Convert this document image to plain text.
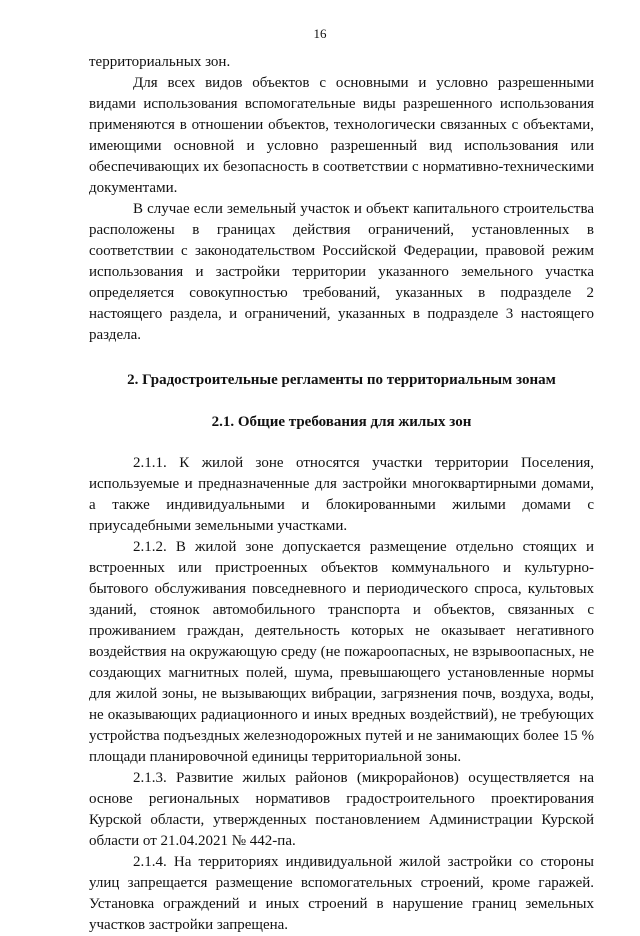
16

территориальных зон.

Для всех видов объектов с основными и условно разрешенными видами использования вспомогательные виды разрешенного использования применяются в отношении объектов, технологически связанных с объектами, имеющими основной и условно разрешенный вид использования или обеспечивающих их безопасность в соответствии с нормативно-техническими документами.

В случае если земельный участок и объект капитального строительства расположены в границах действия ограничений, установленных в соответствии с законодательством Российской Федерации, правовой режим использования и застройки территории указанного земельного участка определяется совокупностью требований, указанных в подразделе 2 настоящего раздела, и ограничений, указанных в подразделе 3 настоящего раздела.

2. Градостроительные регламенты по территориальным зонам
2.1. Общие требования для жилых зон

2.1.1. К жилой зоне относятся участки территории Поселения, используемые и предназначенные для застройки многоквартирными домами, а также индивидуальными и блокированными жилыми домами с приусадебными земельными участками.

2.1.2. В жилой зоне допускается размещение отдельно стоящих и встроенных или пристроенных объектов коммунального и культурно-бытового обслуживания повседневного и периодического спроса, культовых зданий, стоянок автомобильного транспорта и объектов, связанных с проживанием граждан, деятельность которых не оказывает негативного воздействия на окружающую среду (не пожароопасных, не взрывоопасных, не создающих магнитных полей, шума, превышающего установленные нормы для жилой зоны, не вызывающих вибрации, загрязнения почв, воздуха, воды, не оказывающих радиационного и иных вредных воздействий), не требующих устройства подъездных железнодорожных путей и не занимающих более 15 % площади планировочной единицы территориальной зоны.

2.1.3. Развитие жилых районов (микрорайонов) осуществляется на основе региональных нормативов градостроительного проектирования Курской области, утвержденных постановлением Администрации Курской области от 21.04.2021 № 442-па.

2.1.4. На территориях индивидуальной жилой застройки со стороны улиц запрещается размещение вспомогательных строений, кроме гаражей. Установка ограждений и иных строений в нарушение границ земельных участков застройки запрещена.
